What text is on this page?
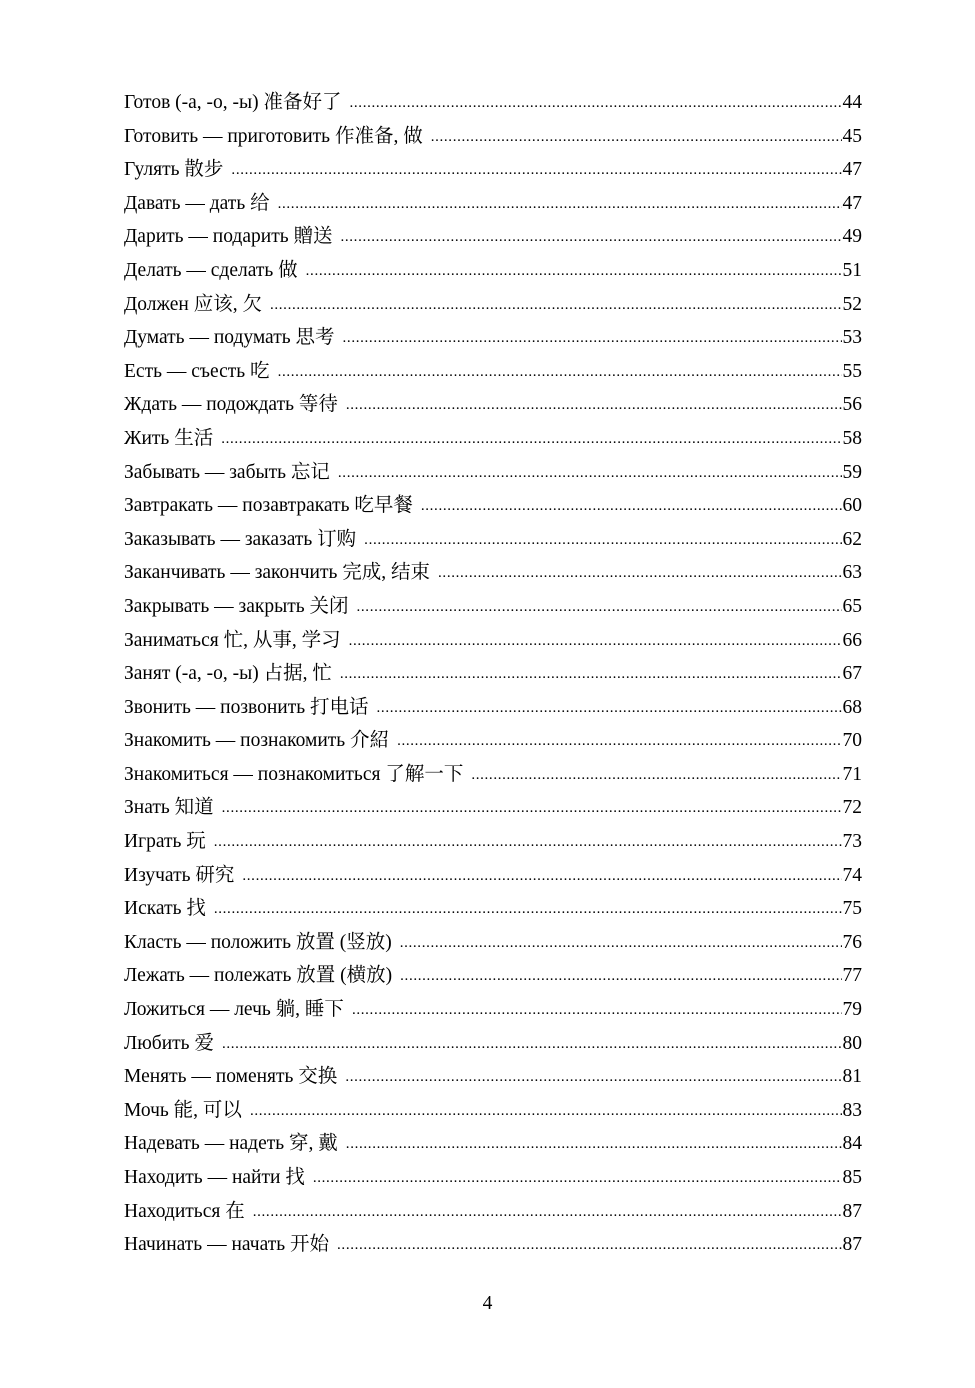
Готов (-а, -о, -ы) 准备好了 . . .	44
Готовить — приготовить 作准备, 做 . . .	45
Гулять 散步 . . .	47
Давать — дать 给 . . .	47
Дарить — подарить 贈送 . . .	49
Делать — сделать 做 . . .	51
Должен 应该, 欠 . . .	52
Думать — подумать 思考 . . .	53
Есть — съесть 吃 . . .	55
Ждать — подождать 等待 . . .	56
Жить 生活 . . .	58
Забывать — забыть 忘记 . . .	59
Завтракать — позавтракать 吃早餐 . . .	60
Заказывать — заказать 订购 . . .	62
Заканчивать — закончить 完成, 结束 . . .	63
Закрывать — закрыть 关闭 . . .	65
Заниматься 忙, 从事, 学习 . . .	66
Занят (-а, -о, -ы) 占据, 忙 . . .	67
Звонить — позвонить 打电话 . . .	68
Знакомить — познакомить 介紹 . . .	70
Знакомиться — познакомиться 了解一下 . . .	71
Знать 知道 . . .	72
Играть 玩 . . .	73
Изучать 研究 . . .	74
Искать 找 . . .	75
Класть — положить 放置 (竖放) . . .	76
Лежать — полежать 放置 (横放) . . .	77
Ложиться — лечь 躺, 睡下 . . .	79
Любить 爱 . . .	80
Менять — поменять 交换 . . .	81
Мочь 能, 可以 . . .	83
Надевать — надеть 穿, 戴 . . .	84
Находить — найти 找 . . .	85
Находиться 在 . . .	87
Начинать — начать 开始 . . .	87
4
